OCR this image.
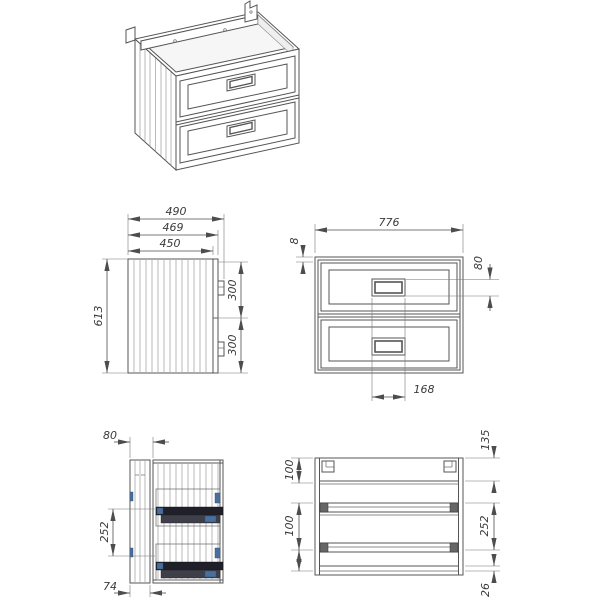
613
450
469
490
300
300
776
8
80
168
80
252
74
100
100
135
252
26
